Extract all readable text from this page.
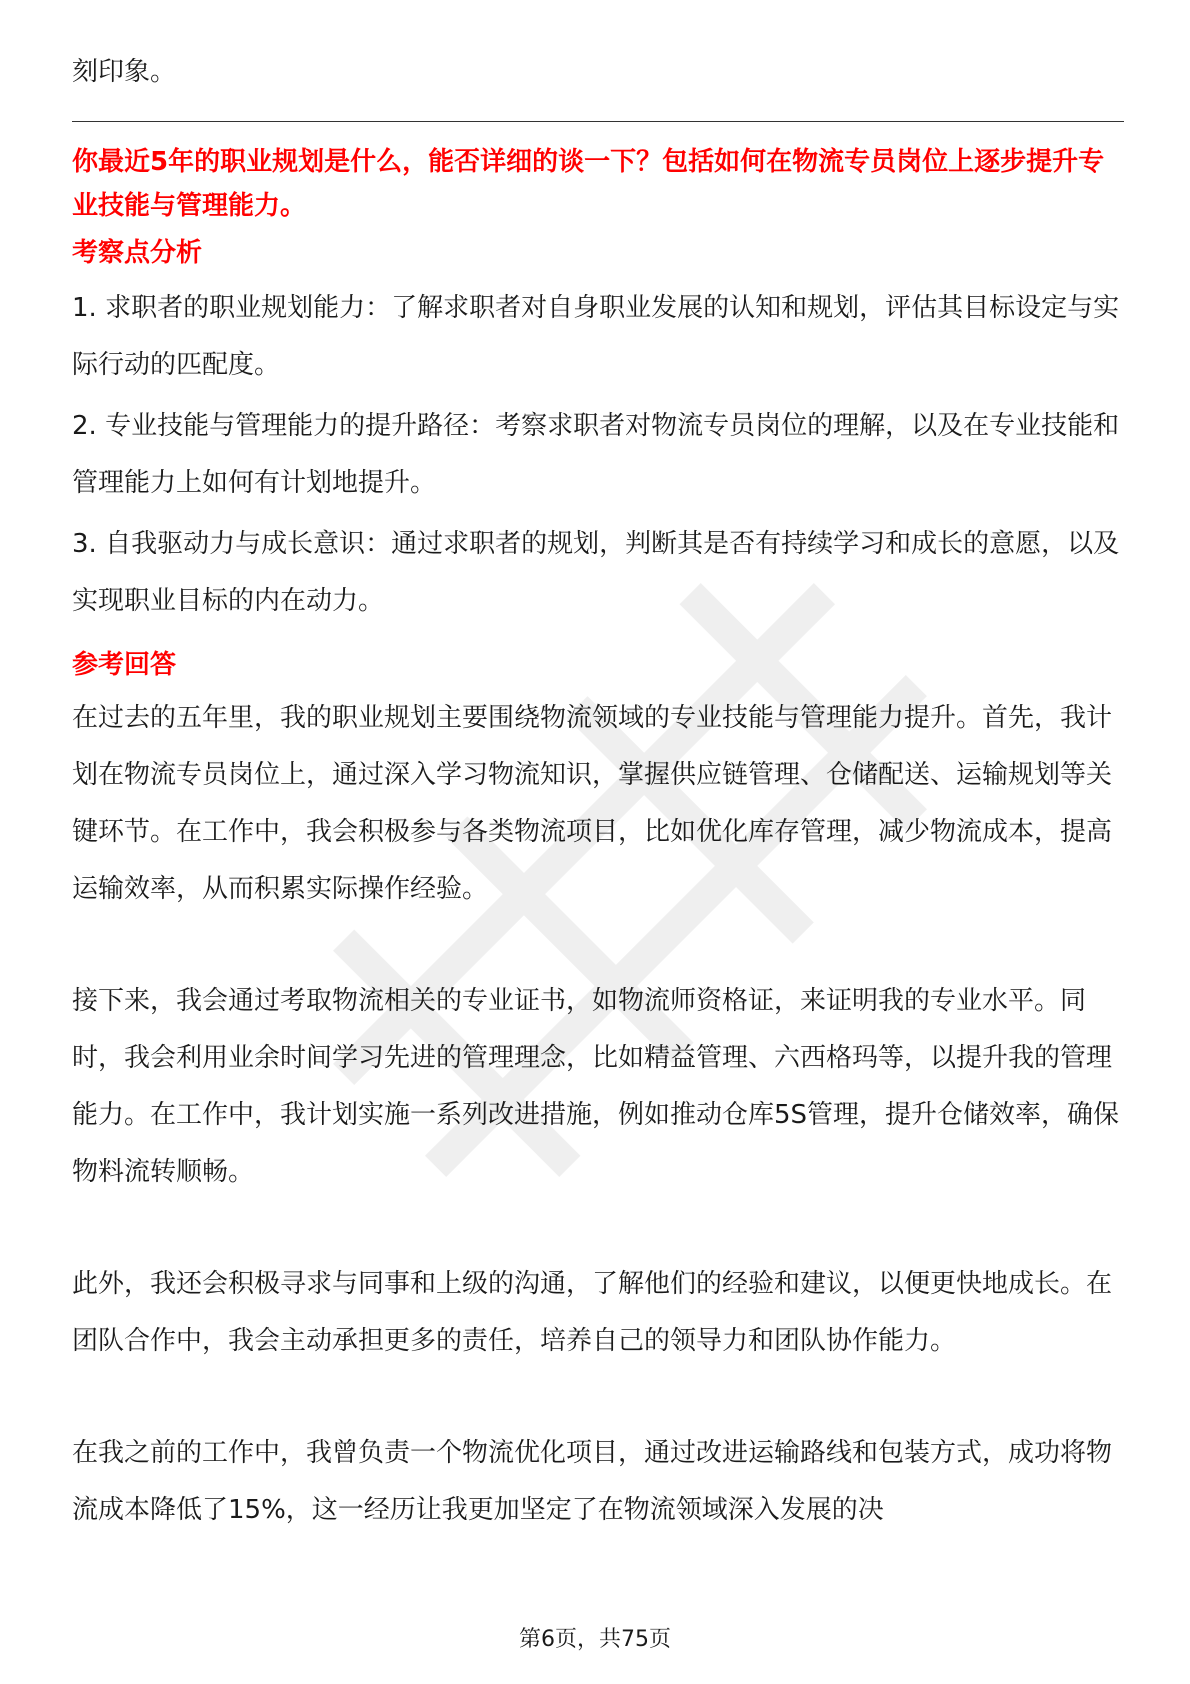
刻印象。

你最近5年的职业规划是什么，能否详细的谈一下？包括如何在物流专员岗位上逐步提升专业技能与管理能力。

考察点分析
1. 求职者的职业规划能力：了解求职者对自身职业发展的认知和规划，评估其目标设定与实际行动的匹配度。
2. 专业技能与管理能力的提升路径：考察求职者对物流专员岗位的理解，以及在专业技能和管理能力上如何有计划地提升。
3. 自我驱动力与成长意识：通过求职者的规划，判断其是否有持续学习和成长的意愿，以及实现职业目标的内在动力。
参考回答

在过去的五年里，我的职业规划主要围绕物流领域的专业技能与管理能力提升。首先，我计划在物流专员岗位上，通过深入学习物流知识，掌握供应链管理、仓储配送、运输规划等关键环节。在工作中，我会积极参与各类物流项目，比如优化库存管理，减少物流成本，提高运输效率，从而积累实际操作经验。

接下来，我会通过考取物流相关的专业证书，如物流师资格证，来证明我的专业水平。同时，我会利用业余时间学习先进的管理理念，比如精益管理、六西格玛等，以提升我的管理能力。在工作中，我计划实施一系列改进措施，例如推动仓库5S管理，提升仓储效率，确保物料流转顺畅。

此外，我还会积极寻求与同事和上级的沟通，了解他们的经验和建议，以便更快地成长。在团队合作中，我会主动承担更多的责任，培养自己的领导力和团队协作能力。

在我之前的工作中，我曾负责一个物流优化项目，通过改进运输路线和包装方式，成功将物流成本降低了15%，这一经历让我更加坚定了在物流领域深入发展的决

第6页，共75页
